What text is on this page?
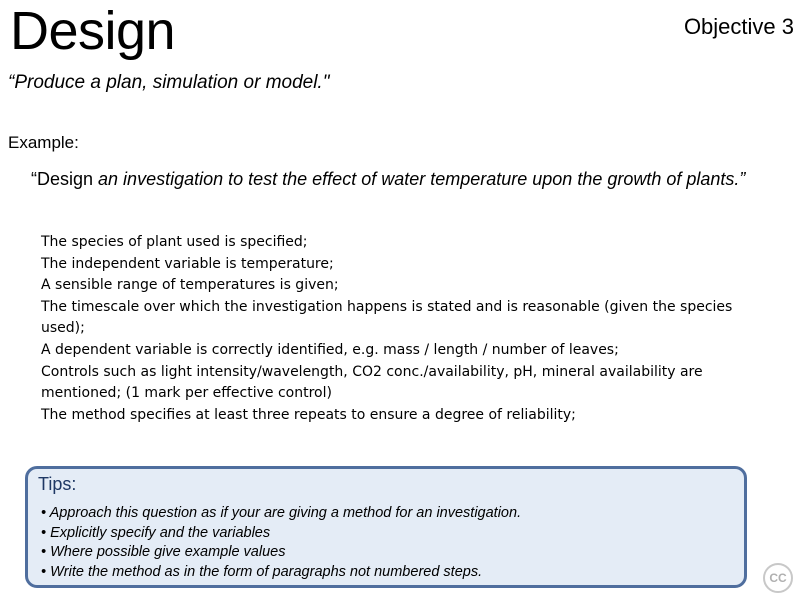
Design	Objective 3
“Produce a plan, simulation or model."
Example:
“Design an investigation to test the effect of water temperature upon the growth of plants.”
The species of plant used is specified;
The independent variable is temperature;
A sensible range of temperatures is given;
The timescale over which the investigation happens is stated and is reasonable (given the species used);
A dependent variable is correctly identified, e.g. mass / length / number of leaves;
Controls such as light intensity/wavelength, CO2 conc./availability, pH, mineral availability are mentioned; (1 mark per effective control)
The method specifies at least three repeats to ensure a degree of reliability;
Tips:
• Approach this question as if your are giving a method for an investigation.
• Explicitly specify and the variables
• Where possible give example values
• Write the method as in the form of paragraphs not numbered steps.	CC
